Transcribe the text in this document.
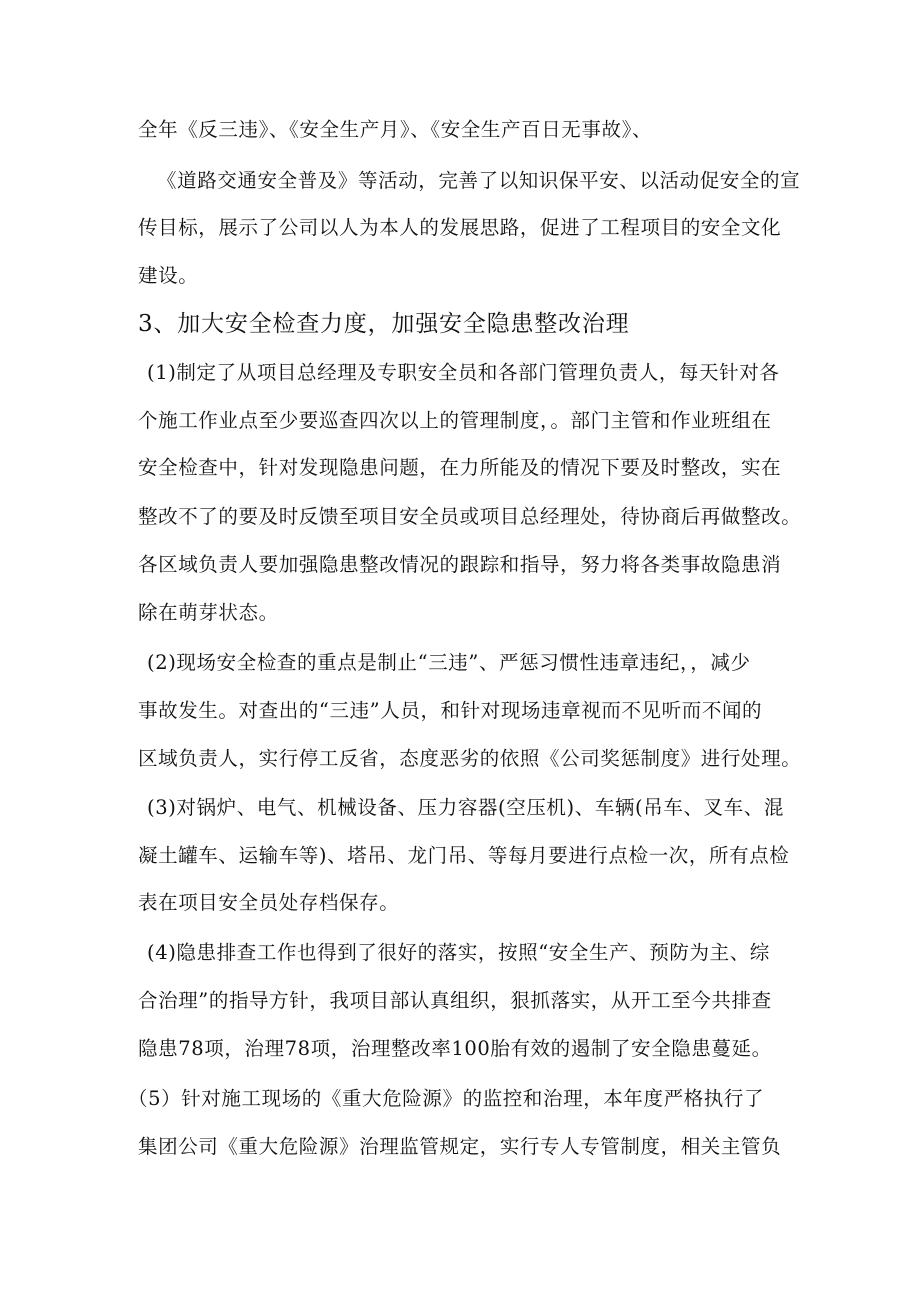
全年《反三违》、《安全生产月》、《安全生产百日无事故》、
《道路交通安全普及》等活动，完善了以知识保平安、以活动促安全的宣
传目标，展示了公司以人为本人的发展思路，促进了工程项目的安全文化
建设。
3、加大安全检查力度，加强安全隐患整改治理
(1)制定了从项目总经理及专职安全员和各部门管理负责人，每天针对各
个施工作业点至少要巡查四次以上的管理制度，。部门主管和作业班组在
安全检查中，针对发现隐患问题，在力所能及的情况下要及时整改，实在
整改不了的要及时反馈至项目安全员或项目总经理处，待协商后再做整改。
各区域负责人要加强隐患整改情况的跟踪和指导，努力将各类事故隐患消
除在萌芽状态。
(2)现场安全检查的重点是制止“三违”、严惩习惯性违章违纪，，减少
事故发生。对查出的“三违”人员，和针对现场违章视而不见听而不闻的
区域负责人，实行停工反省，态度恶劣的依照《公司奖惩制度》进行处理。
(3)对锅炉、电气、机械设备、压力容器(空压机)、车辆(吊车、叉车、混
凝土罐车、运输车等)、塔吊、龙门吊、等每月要进行点检一次，所有点检
表在项目安全员处存档保存。
(4)隐患排查工作也得到了很好的落实，按照“安全生产、预防为主、综
合治理”的指导方针，我项目部认真组织，狠抓落实，从开工至今共排查
隐患78项，治理78项，治理整改率100胎有效的遏制了安全隐患蔓延。
（5）针对施工现场的《重大危险源》的监控和治理，本年度严格执行了
集团公司《重大危险源》治理监管规定，实行专人专管制度，相关主管负
